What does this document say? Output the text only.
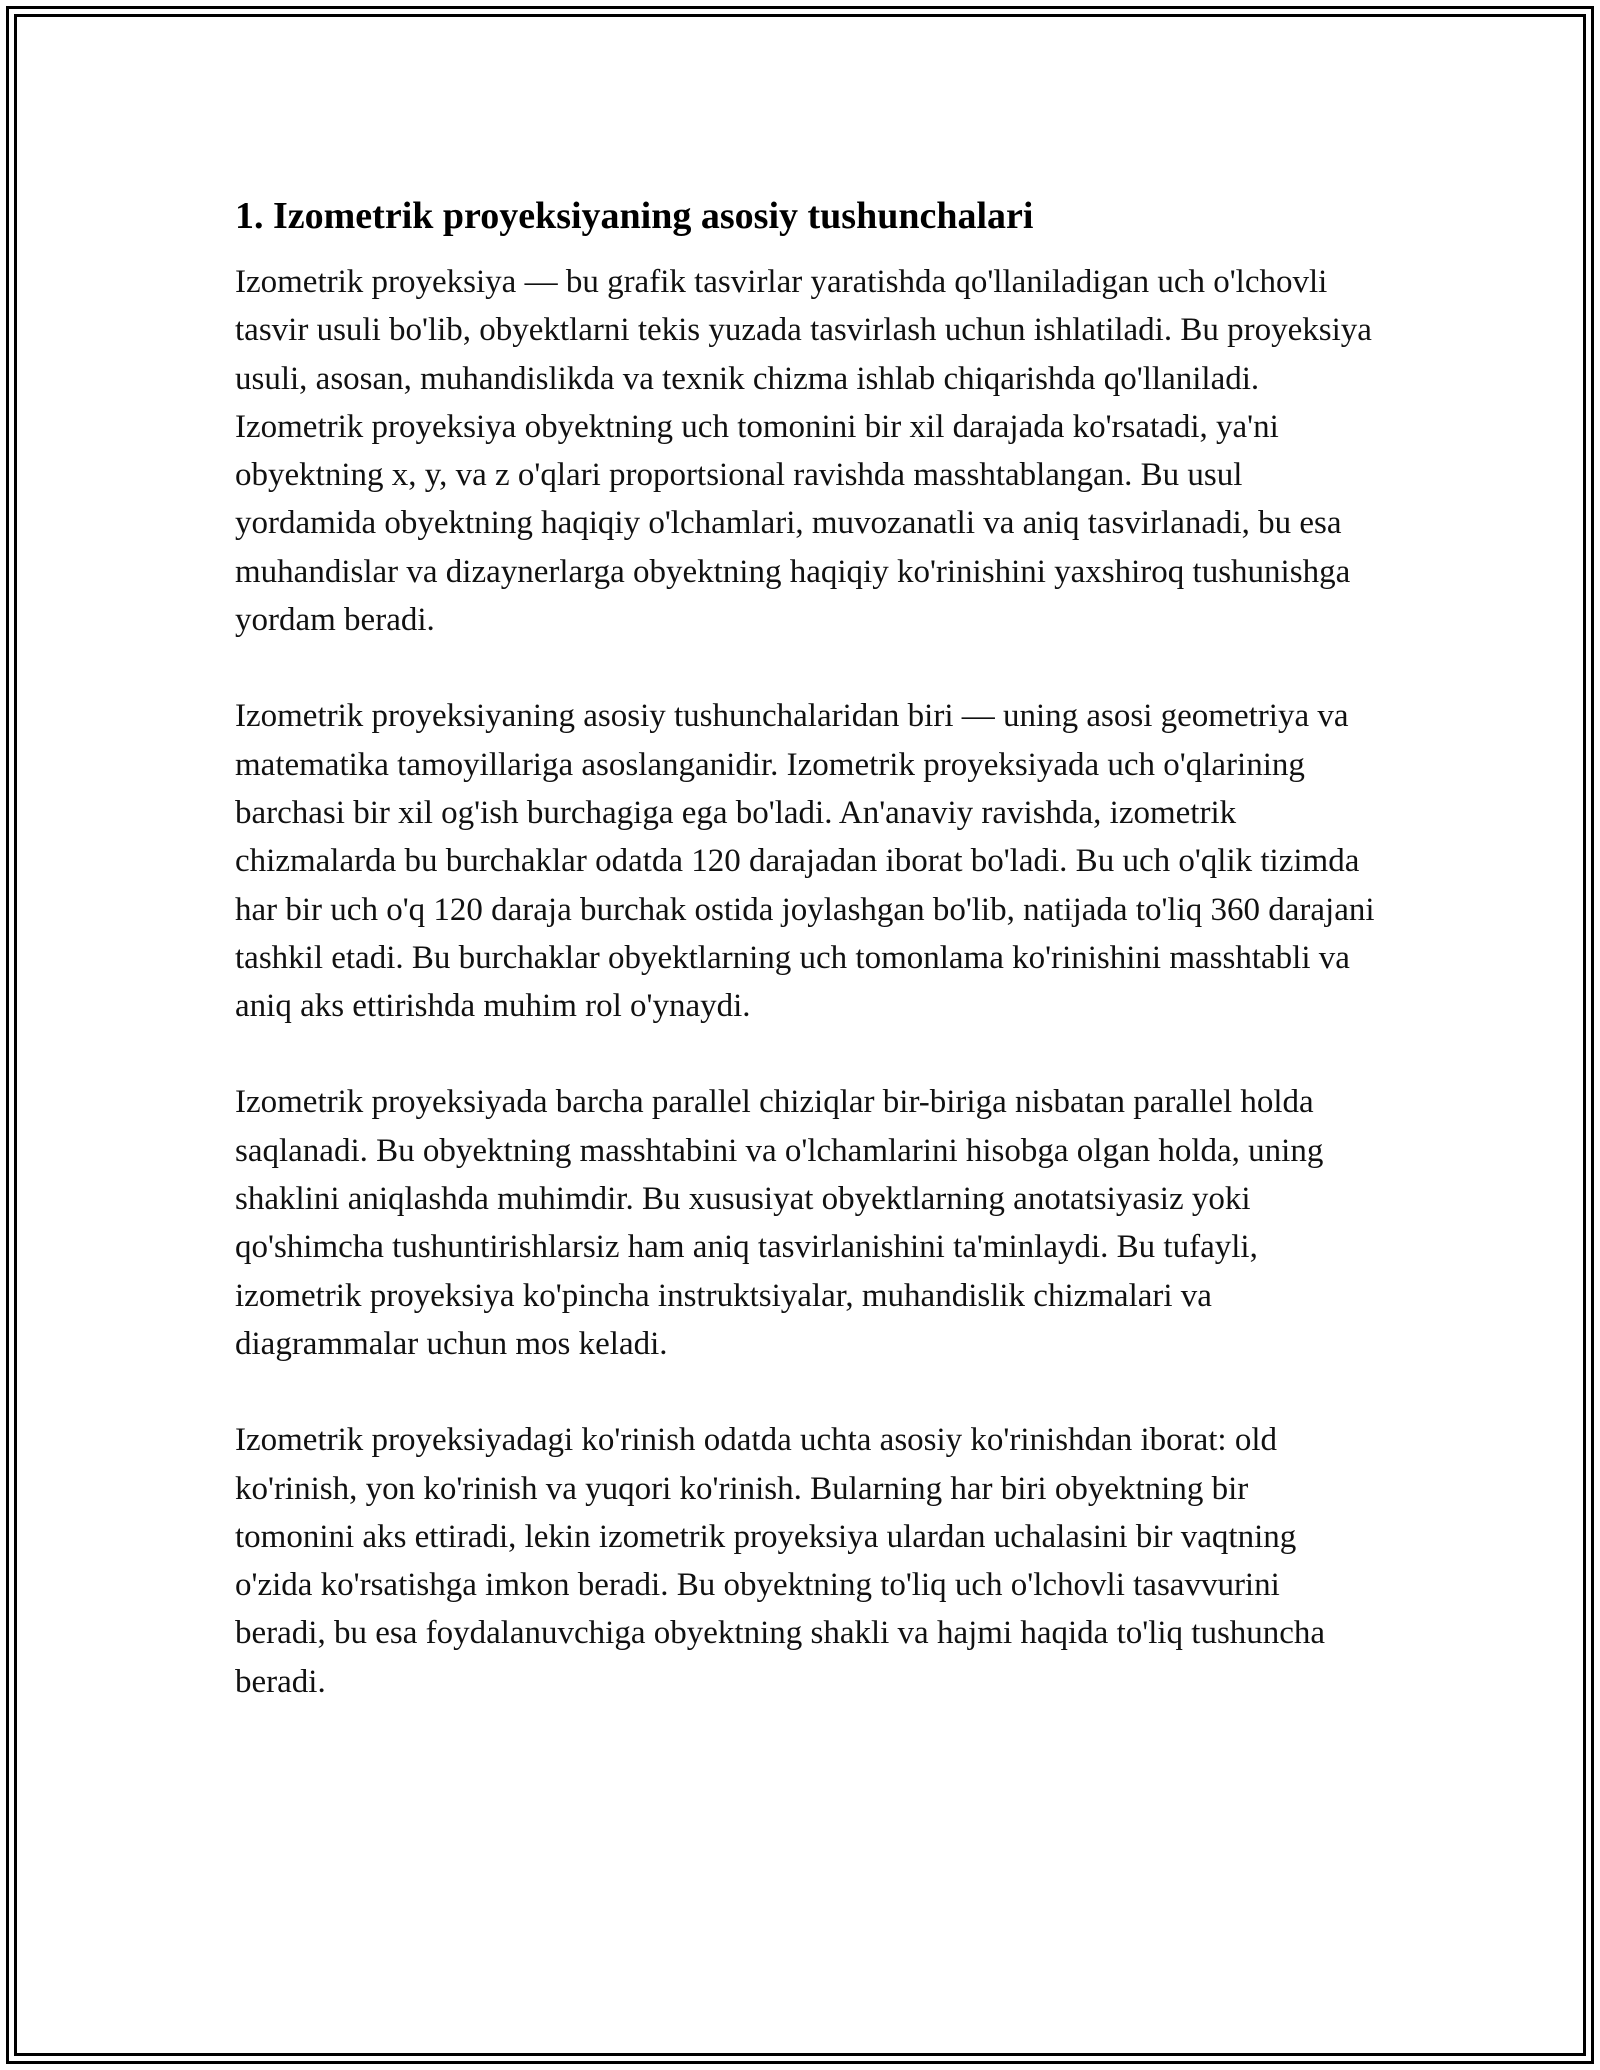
1. Izometrik proyeksiyaning asosiy tushunchalari

Izometrik proyeksiya — bu grafik tasvirlar yaratishda qo'llaniladigan uch o'lchovli tasvir usuli bo'lib, obyektlarni tekis yuzada tasvirlash uchun ishlatiladi. Bu proyeksiya usuli, asosan, muhandislikda va texnik chizma ishlab chiqarishda qo'llaniladi. Izometrik proyeksiya obyektning uch tomonini bir xil darajada ko'rsatadi, ya'ni obyektning x, y, va z o'qlari proportsional ravishda masshtablangan. Bu usul yordamida obyektning haqiqiy o'lchamlari, muvozanatli va aniq tasvirlanadi, bu esa muhandislar va dizaynerlarga obyektning haqiqiy ko'rinishini yaxshiroq tushunishga yordam beradi.

Izometrik proyeksiyaning asosiy tushunchalaridan biri — uning asosi geometriya va matematika tamoyillariga asoslanganidir. Izometrik proyeksiyada uch o'qlarining barchasi bir xil og'ish burchagiga ega bo'ladi. An'anaviy ravishda, izometrik chizmalarda bu burchaklar odatda 120 darajadan iborat bo'ladi. Bu uch o'qlik tizimda har bir uch o'q 120 daraja burchak ostida joylashgan bo'lib, natijada to'liq 360 darajani tashkil etadi. Bu burchaklar obyektlarning uch tomonlama ko'rinishini masshtabli va aniq aks ettirishda muhim rol o'ynaydi.

Izometrik proyeksiyada barcha parallel chiziqlar bir-biriga nisbatan parallel holda saqlanadi. Bu obyektning masshtabini va o'lchamlarini hisobga olgan holda, uning shaklini aniqlashda muhimdir. Bu xususiyat obyektlarning anotatsiyasiz yoki qo'shimcha tushuntirishlarsiz ham aniq tasvirlanishini ta'minlaydi. Bu tufayli, izometrik proyeksiya ko'pincha instruktsiyalar, muhandislik chizmalari va diagrammalar uchun mos keladi.

Izometrik proyeksiyadagi ko'rinish odatda uchta asosiy ko'rinishdan iborat: old ko'rinish, yon ko'rinish va yuqori ko'rinish. Bularning har biri obyektning bir tomonini aks ettiradi, lekin izometrik proyeksiya ulardan uchalasini bir vaqtning o'zida ko'rsatishga imkon beradi. Bu obyektning to'liq uch o'lchovli tasavvurini beradi, bu esa foydalanuvchiga obyektning shakli va hajmi haqida to'liq tushuncha beradi.
